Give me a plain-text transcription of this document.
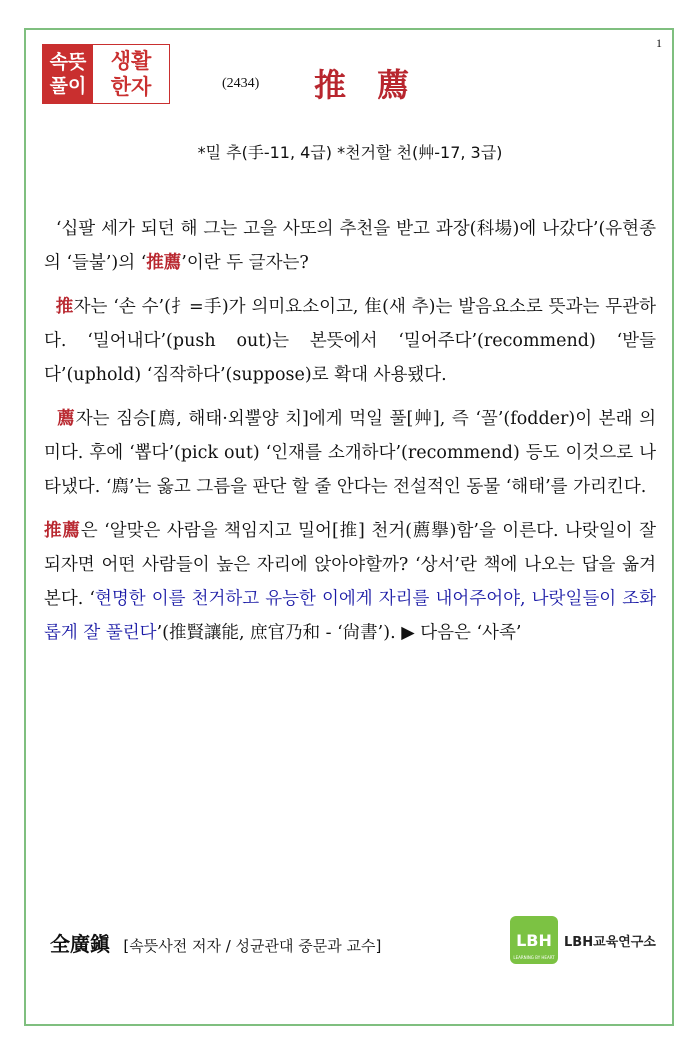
1
속뜻
풀이
생활
한자	(2434) 推 薦
*밀 추(手-11, 4급) *천거할 천(艸-17, 3급)

‘십팔 세가 되던 해 그는 고을 사또의 추천을 받고 과장(科場)에 나갔다’(유현종의 ‘들불’)의 ‘推薦’이란 두 글자는?

推자는 ‘손 수’(扌=手)가 의미요소이고, 隹(새 추)는 발음요소로 뜻과는 무관하다. ‘밀어내다’(push out)는 본뜻에서 ‘밀어주다’(recommend) ‘받들다’(uphold) ‘짐작하다’(suppose)로 확대 사용됐다.

薦자는 짐승[廌, 해태·외뿔양 치]에게 먹일 풀[艸], 즉 ‘꼴’(fodder)이 본래 의미다. 후에 ‘뽑다’(pick out) ‘인재를 소개하다’(recommend) 등도 이것으로 나타냈다. ‘廌’는 옳고 그름을 판단 할 줄 안다는 전설적인 동물 ‘해태’를 가리킨다.

推薦은 ‘알맞은 사람을 책임지고 밀어[推] 천거(薦擧)함’을 이른다. 나랏일이 잘 되자면 어떤 사람들이 높은 자리에 앉아야할까? ‘상서’란 책에 나오는 답을 옮겨본다. ‘현명한 이를 천거하고 유능한 이에게 자리를 내어주어야, 나랏일들이 조화롭게 잘 풀린다’(推賢讓能, 庶官乃和 - ‘尙書’). ▶ 다음은 ‘사족’

全廣鎭 [속뜻사전 저자 / 성균관대 중문과 교수]	LBH
LEARNING BY HEART
LBH교육연구소
